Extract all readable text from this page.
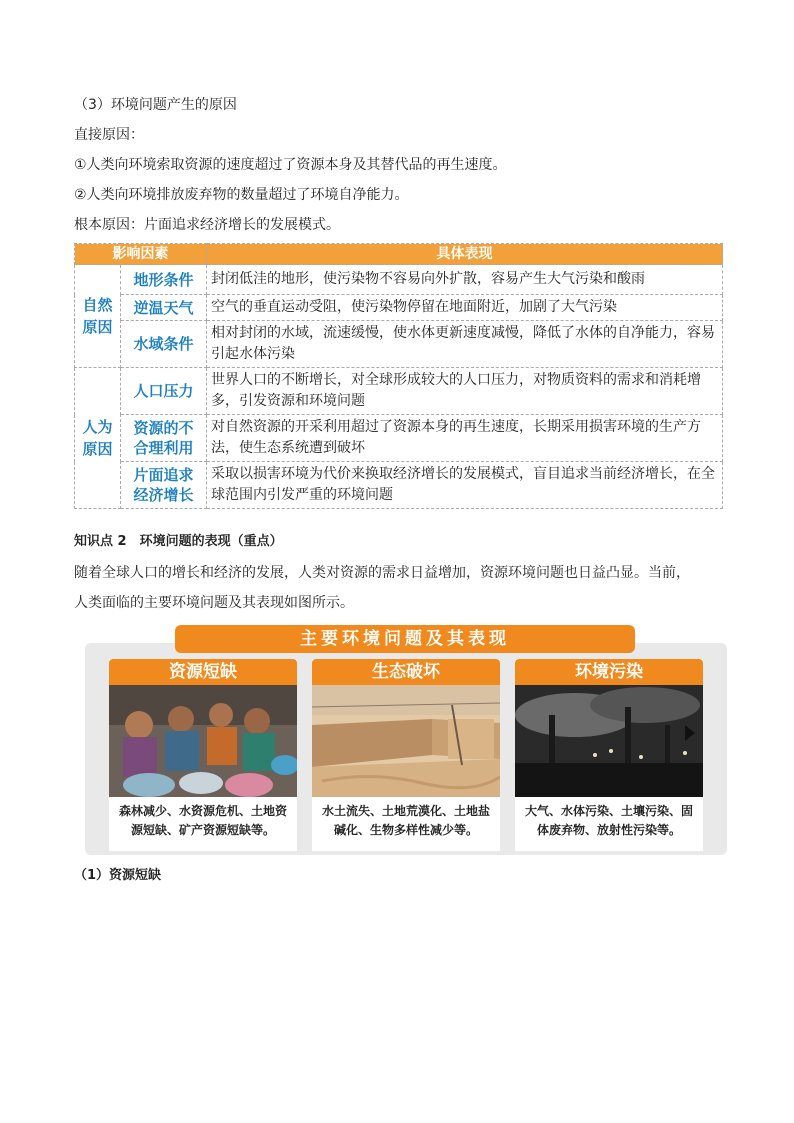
（3）环境问题产生的原因
直接原因：
①人类向环境索取资源的速度超过了资源本身及其替代品的再生速度。
②人类向环境排放废弃物的数量超过了环境自净能力。
根本原因：片面追求经济增长的发展模式。
影响因素		具体表现

自然原因	地形条件	封闭低洼的地形，使污染物不容易向外扩散，容易产生大气污染和酸雨
	逆温天气	空气的垂直运动受阻，使污染物停留在地面附近，加剧了大气污染
	水域条件	相对封闭的水域，流速缓慢，使水体更新速度减慢，降低了水体的自净能力，容易引起水体污染

人为原因	人口压力	世界人口的不断增长，对全球形成较大的人口压力，对物质资料的需求和消耗增多，引发资源和环境问题

	资源的不合理利用	对自然资源的开采利用超过了资源本身的再生速度，长期采用损害环境的生产方法，使生态系统遭到破坏

	片面追求经济增长	采取以损害环境为代价来换取经济增长的发展模式，盲目追求当前经济增长，在全球范围内引发严重的环境问题
知识点 2　环境问题的表现（重点）
随着全球人口的增长和经济的发展，人类对资源的需求日益增加，资源环境问题也日益凸显。当前，
人类面临的主要环境问题及其表现如图所示。
主要环境问题及其表现
资源短缺
森林减少、水资源危机、土地资源短缺、矿产资源短缺等。
生态破坏
水土流失、土地荒漠化、土地盐碱化、生物多样性减少等。
环境污染
大气、水体污染、土壤污染、固体废弃物、放射性污染等。
（1）资源短缺
